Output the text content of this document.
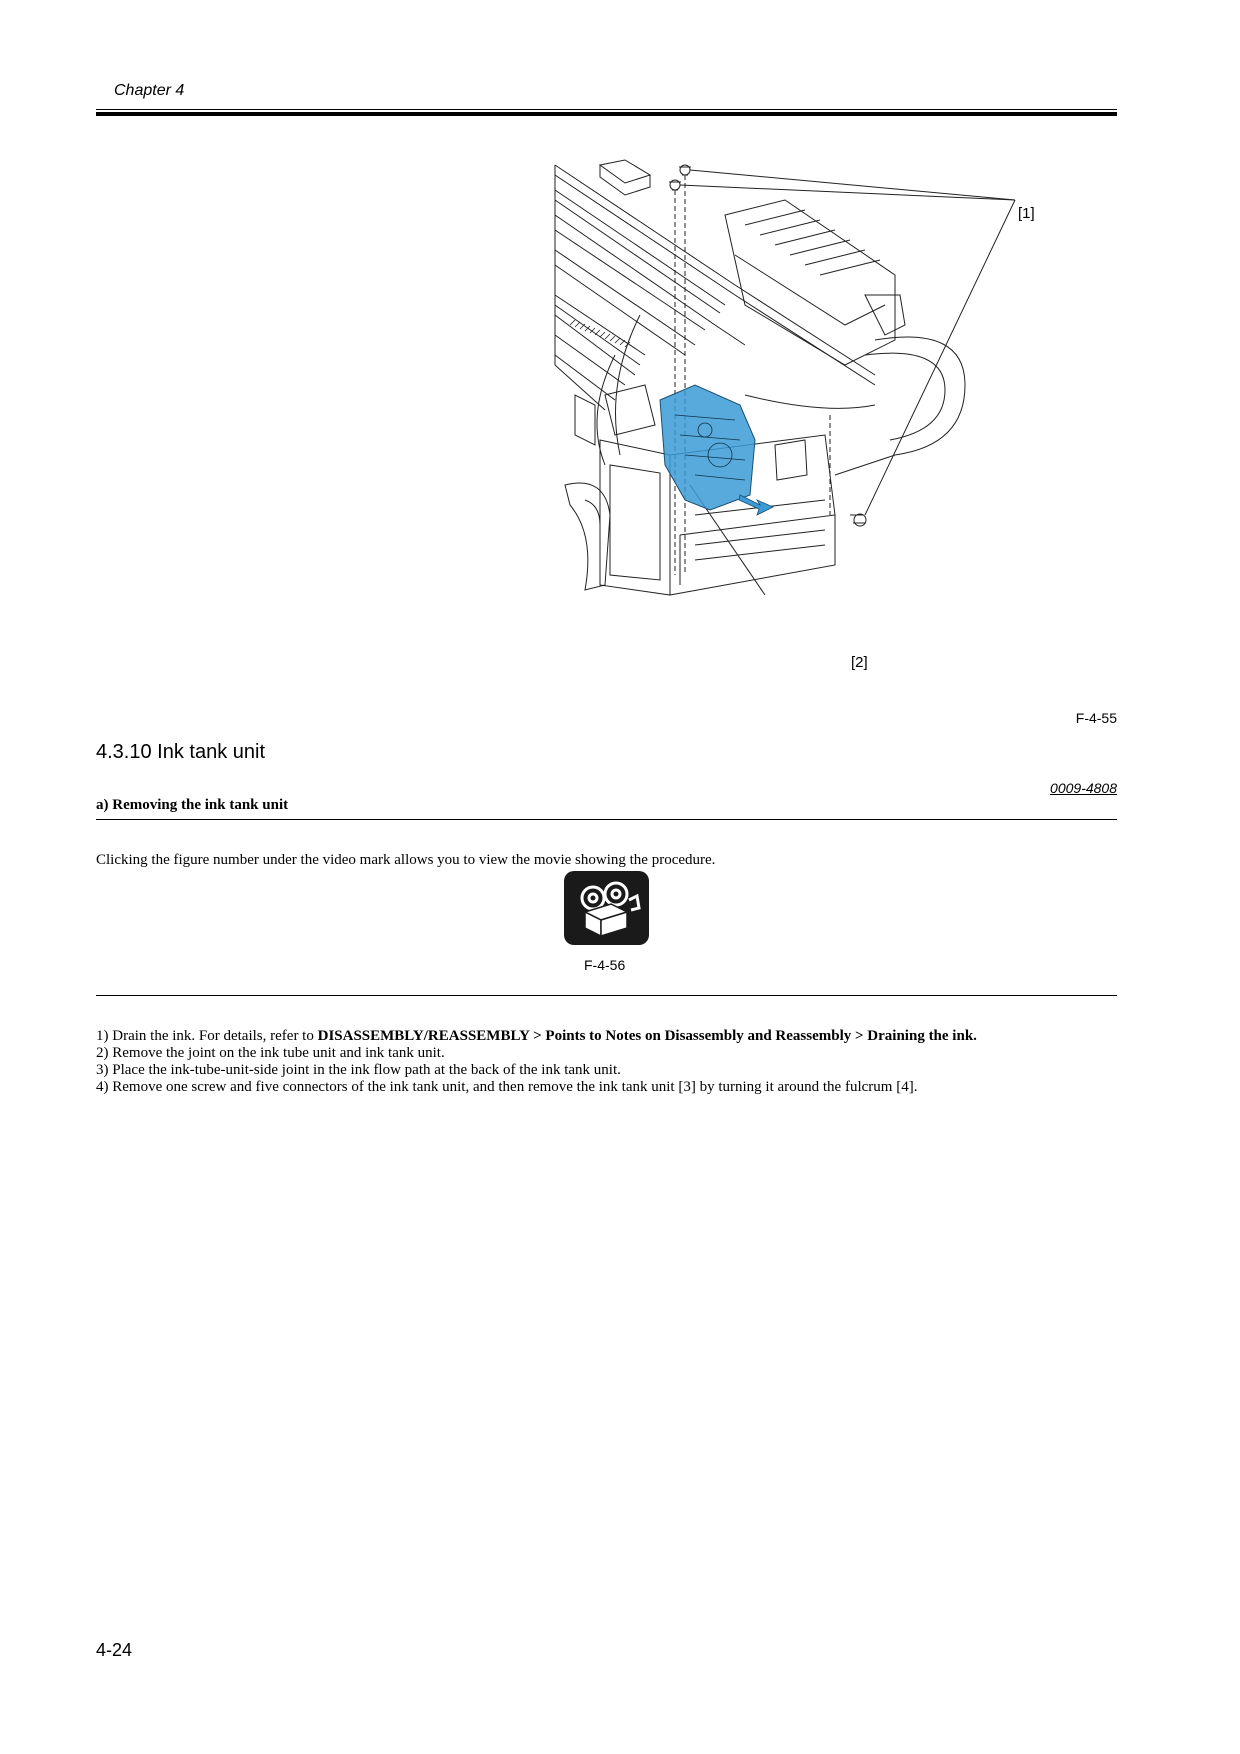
Chapter 4
[1]
[2]
F-4-55
4.3.10 Ink tank unit
0009-4808
a) Removing the ink tank unit
Clicking the figure number under the video mark allows you to view the movie showing the procedure.
F-4-56
1) Drain the ink. For details, refer to DISASSEMBLY/REASSEMBLY > Points to Notes on Disassembly and Reassembly > Draining the ink.
2) Remove the joint on the ink tube unit and ink tank unit.
3) Place the ink-tube-unit-side joint in the ink flow path at the back of the ink tank unit.
4) Remove one screw and five connectors of the ink tank unit, and then remove the ink tank unit [3] by turning it around the fulcrum [4].
4-24
